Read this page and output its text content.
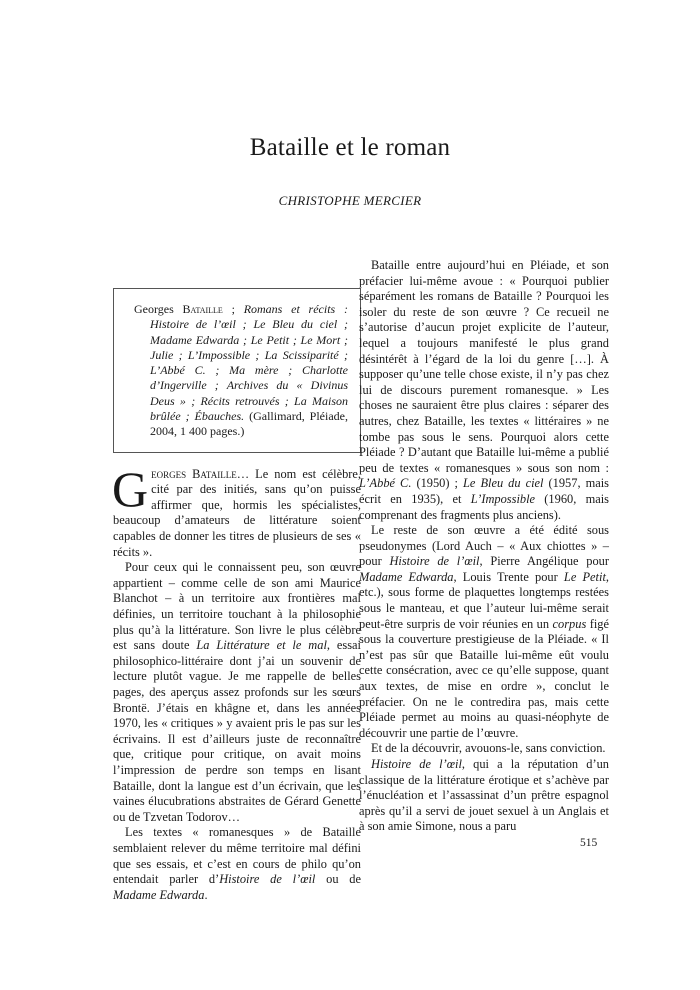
Bataille et le roman
CHRISTOPHE MERCIER
Georges Bataille ; Romans et récits : Histoire de l’œil ; Le Bleu du ciel ; Madame Edwarda ; Le Petit ; Le Mort ; Julie ; L’Impossible ; La Scissiparité ; L’Abbé C. ; Ma mère ; Charlotte d’Ingerville ; Archives du « Divinus Deus » ; Récits retrouvés ; La Maison brûlée ; Ébauches. (Gallimard, Pléiade, 2004, 1 400 pages.)

Georges Bataille… Le nom est célèbre, cité par des initiés, sans qu’on puisse affirmer que, hormis les spécialistes, beaucoup d’amateurs de littérature soient capables de donner les titres de plusieurs de ses « récits ».

Pour ceux qui le connaissent peu, son œuvre appartient – comme celle de son ami Maurice Blanchot – à un territoire aux frontières mal définies, un territoire touchant à la philosophie plus qu’à la littérature. Son livre le plus célèbre est sans doute La Littérature et le mal, essai philosophico-littéraire dont j’ai un souvenir de lecture plutôt vague. Je me rappelle de belles pages, des aperçus assez profonds sur les sœurs Brontë. J’étais en khâgne et, dans les années 1970, les « critiques » y avaient pris le pas sur les écrivains. Il est d’ailleurs juste de reconnaître que, critique pour critique, on avait moins l’impression de perdre son temps en lisant Bataille, dont la langue est d’un écrivain, que les vaines élucubrations abstraites de Gérard Genette ou de Tzvetan Todorov…

Les textes « romanesques » de Bataille semblaient relever du même territoire mal défini que ses essais, et c’est en cours de philo qu’on entendait parler d’Histoire de l’œil ou de Madame Edwarda.

Bataille entre aujourd’hui en Pléiade, et son préfacier lui-même avoue : « Pourquoi publier séparément les romans de Bataille ? Pourquoi les isoler du reste de son œuvre ? Ce recueil ne s’autorise d’aucun projet explicite de l’auteur, lequel a toujours manifesté le plus grand désintérêt à l’égard de la loi du genre […]. À supposer qu’une telle chose existe, il n’y pas chez lui de discours purement romanesque. » Les choses ne sauraient être plus claires : séparer des autres, chez Bataille, les textes « littéraires » ne tombe pas sous le sens. Pourquoi alors cette Pléiade ? D’autant que Bataille lui-même a publié peu de textes « romanesques » sous son nom : L’Abbé C. (1950) ; Le Bleu du ciel (1957, mais écrit en 1935), et L’Impossible (1960, mais comprenant des fragments plus anciens).

Le reste de son œuvre a été édité sous pseudonymes (Lord Auch – « Aux chiottes » – pour Histoire de l’œil, Pierre Angélique pour Madame Edwarda, Louis Trente pour Le Petit, etc.), sous forme de plaquettes longtemps restées sous le manteau, et que l’auteur lui-même serait peut-être surpris de voir réunies en un corpus figé sous la couverture prestigieuse de la Pléiade. « Il n’est pas sûr que Bataille lui-même eût voulu cette consécration, avec ce qu’elle suppose, quant aux textes, de mise en ordre », conclut le préfacier. On ne le contredira pas, mais cette Pléiade permet au moins au quasi-néophyte de découvrir une partie de l’œuvre.

Et de la découvrir, avouons-le, sans conviction.

Histoire de l’œil, qui a la réputation d’un classique de la littérature érotique et s’achève par l’énucléation et l’assassinat d’un prêtre espagnol après qu’il a servi de jouet sexuel à un Anglais et à son amie Simone, nous a paru

515
